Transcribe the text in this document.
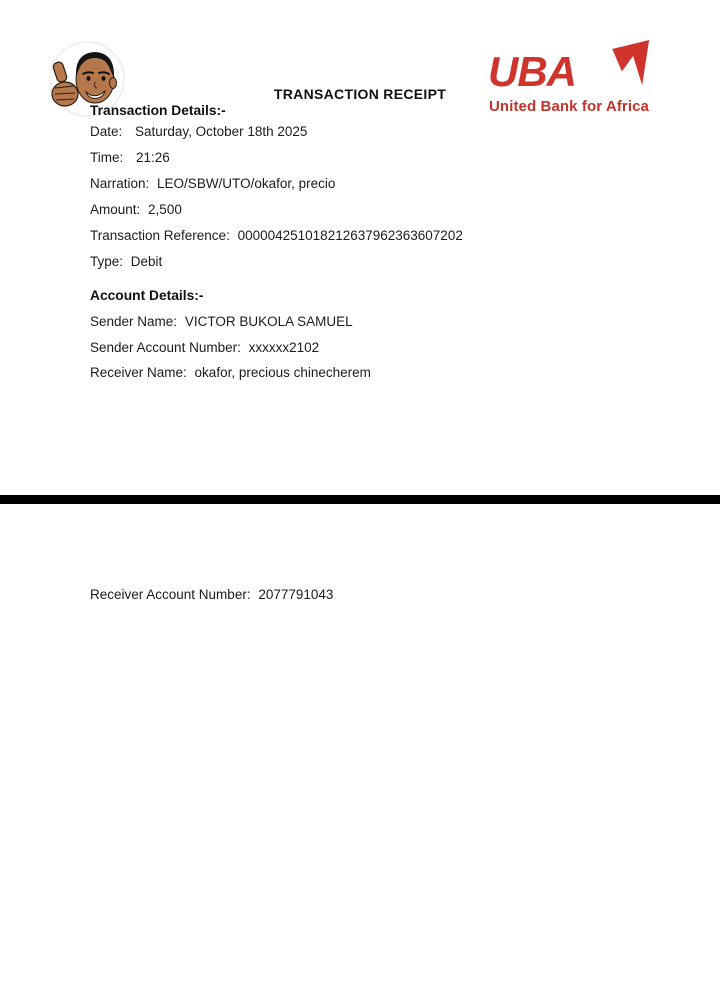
TRANSACTION RECEIPT UBA
United Bank for Africa
Transaction Details:-
Date: Saturday, October 18th 2025
Time: 21:26
Narration: LEO/SBW/UTO/okafor, precio
Amount: 2,500
Transaction Reference: 000004251018212637962363607202
Type: Debit
Account Details:-
Sender Name: VICTOR BUKOLA SAMUEL
Sender Account Number: xxxxxx2102
Receiver Name: okafor, precious chinecherem
Receiver Account Number: 2077791043
